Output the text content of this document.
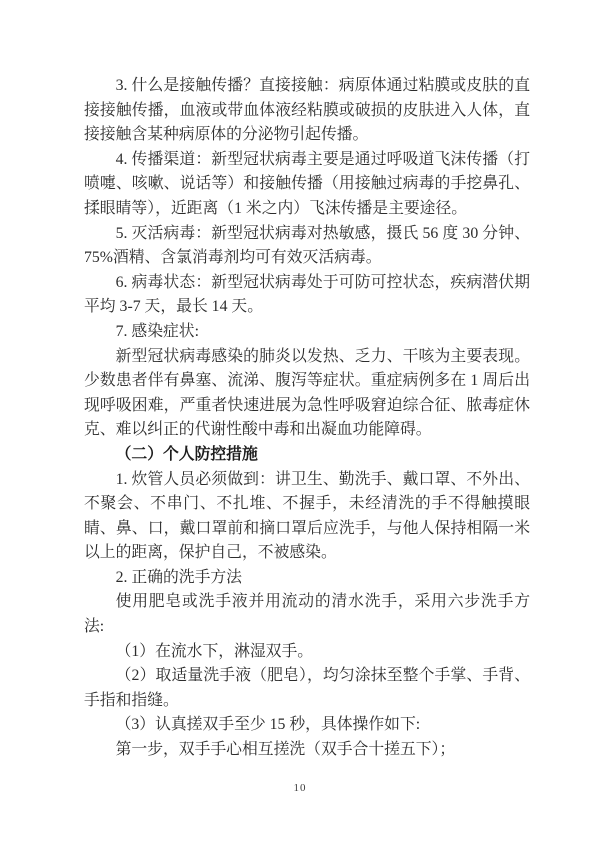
3. 什么是接触传播？直接接触：病原体通过粘膜或皮肤的直接接触传播，血液或带血体液经粘膜或破损的皮肤进入人体，直接接触含某种病原体的分泌物引起传播。

4. 传播渠道：新型冠状病毒主要是通过呼吸道飞沫传播（打喷嚏、咳嗽、说话等）和接触传播（用接触过病毒的手挖鼻孔、揉眼睛等），近距离（1 米之内）飞沫传播是主要途径。

5. 灭活病毒：新型冠状病毒对热敏感，摄氏 56 度 30 分钟、75%酒精、含氯消毒剂均可有效灭活病毒。

6. 病毒状态：新型冠状病毒处于可防可控状态，疾病潜伏期平均 3-7 天，最长 14 天。

7. 感染症状:

新型冠状病毒感染的肺炎以发热、乏力、干咳为主要表现。少数患者伴有鼻塞、流涕、腹泻等症状。重症病例多在 1 周后出现呼吸困难，严重者快速进展为急性呼吸窘迫综合征、脓毒症休克、难以纠正的代谢性酸中毒和出凝血功能障碍。

（二）个人防控措施

1. 炊管人员必须做到：讲卫生、勤洗手、戴口罩、不外出、不聚会、不串门、不扎堆、不握手，未经清洗的手不得触摸眼睛、鼻、口，戴口罩前和摘口罩后应洗手，与他人保持相隔一米以上的距离，保护自己，不被感染。

2. 正确的洗手方法

使用肥皂或洗手液并用流动的清水洗手，采用六步洗手方法:

（1）在流水下，淋湿双手。

（2）取适量洗手液（肥皂），均匀涂抹至整个手掌、手背、手指和指缝。

（3）认真搓双手至少 15 秒，具体操作如下:

第一步，双手手心相互搓洗（双手合十搓五下）；

10
